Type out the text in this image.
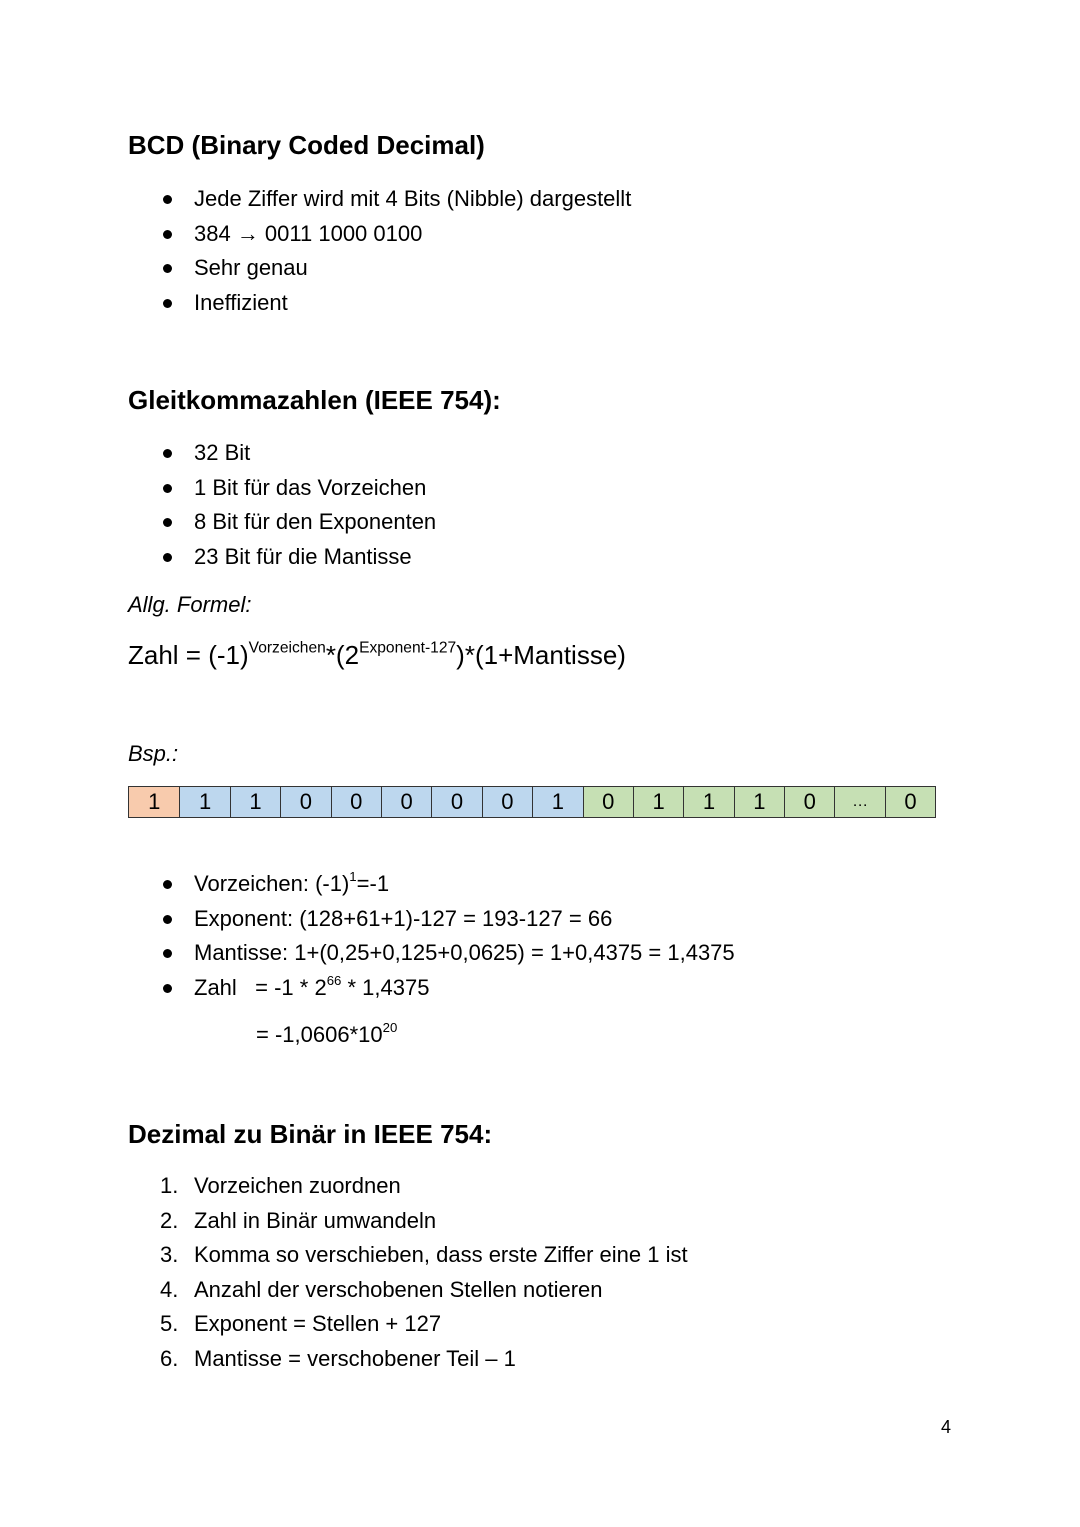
BCD (Binary Coded Decimal)
Jede Ziffer wird mit 4 Bits (Nibble) dargestellt
384 → 0011 1000 0100
Sehr genau
Ineffizient
Gleitkommazahlen (IEEE 754):
32 Bit
1 Bit für das Vorzeichen
8 Bit für den Exponenten
23 Bit für die Mantisse

Allg. Formel:

Zahl = $(-1)^{Vorzeichen}*(2^{Exponent-127})*(1+Mantisse)$

Bsp.:

1	1	1	0	0	0	0	0	1	0	1	1	1	0	…	0
Vorzeichen: $(-1)^1=-1$
Exponent: (128+61+1)-127 = 193-127 = 66
Mantisse: 1+(0,25+0,125+0,0625) = 1+0,4375 = 1,4375
Zahl   = $-1 * 2^{66} * 1,4375$
= $-1,0606*10^{20}$
Dezimal zu Binär in IEEE 754:
1. Vorzeichen zuordnen
2. Zahl in Binär umwandeln
3. Komma so verschieben, dass erste Ziffer eine 1 ist
4. Anzahl der verschobenen Stellen notieren
5. Exponent = Stellen + 127
6. Mantisse = verschobener Teil – 1
4
